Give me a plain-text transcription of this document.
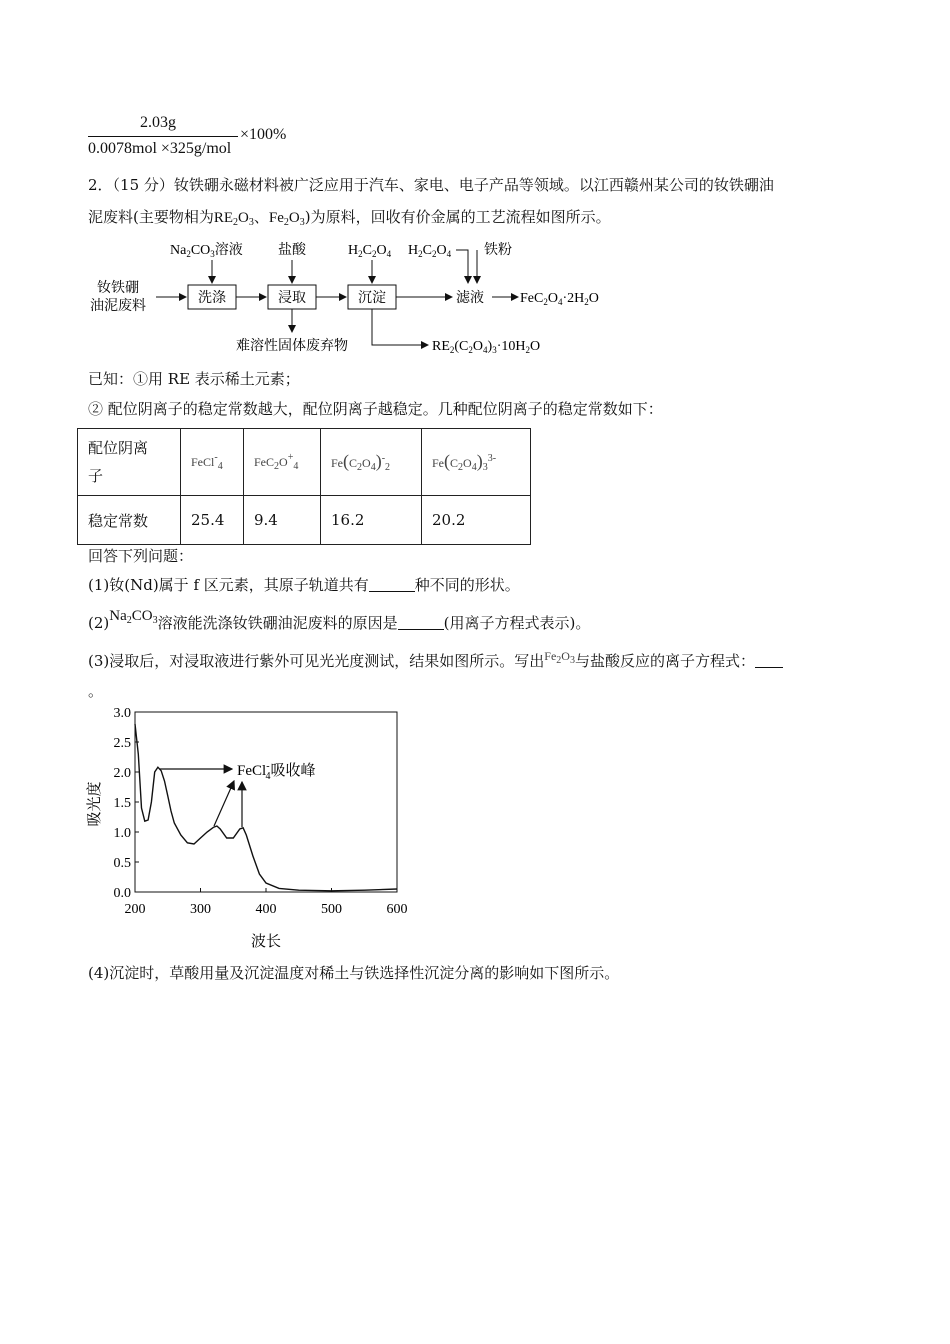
2.03g
0.0078mol ×325g/mol
×100%
2．（15 分）钕铁硼永磁材料被广泛应用于汽车、家电、电子产品等领域。以江西赣州某公司的钕铁硼油
泥废料(主要物相为$RE_2O_3$、$Fe_2O_3$)为原料，回收有价金属的工艺流程如图所示。
钕铁硼
油泥废料
洗涤	浸取	沉淀	滤液	$FeC_2O_4\cdot 2H_2O$
$Na_2CO_3$溶液	盐酸	$H_2C_2O_4$ $H_2C_2O_4$ 铁粉
难溶性固体废弃物	$RE_2(C_2O_4)_3\cdot 10H_2O$
已知：①用 RE 表示稀土元素；
② 配位阴离子的稳定常数越大，配位阴离子越稳定。几种配位阴离子的稳定常数如下：
配位阴离
子	FeCl-$_4$	$FeC_2O^+_4$	$Fe(C_2O_4)^-_2$	$Fe(C_2O_4)_3^{3-}$
稳定常数	25.4	9.4	16.2	20.2
回答下列问题：
(1)钕(Nd)属于 f 区元素，其原子轨道共有	种不同的形状。
$(2)Na_2CO_3$溶液能洗涤钕铁硼油泥废料的原因是	(用离子方程式表示)。
(3)浸取后，对浸取液进行紫外可见光光度测试，结果如图所示。写出$^{Fe_2O_3}$与盐酸反应的离子方程式：
。
3.0
2.5
2.0
1.5
1.0
0.5
0.0
200	300	400	500	600
吸光度
波长
FeCl-4吸收峰
(4)沉淀时，草酸用量及沉淀温度对稀土与铁选择性沉淀分离的影响如下图所示。
